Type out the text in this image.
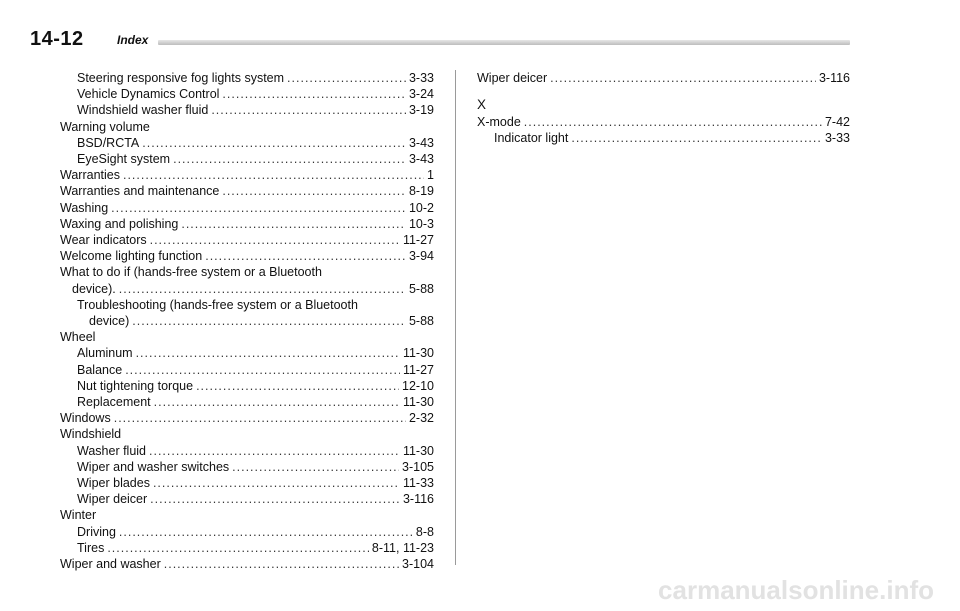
14-12	Index
Steering responsive fog lights system .....	3-33
Vehicle Dynamics Control .....	3-24
Windshield washer fluid .....	3-19
Warning volume
BSD/RCTA .....	3-43
EyeSight system .....	3-43
Warranties .....	1
Warranties and maintenance .....	8-19
Washing .....	10-2
Waxing and polishing .....	10-3
Wear indicators .....	11-27
Welcome lighting function .....	3-94
What to do if (hands-free system or a Bluetooth
device). .....	5-88
Troubleshooting (hands-free system or a Bluetooth
device) .....	5-88
Wheel
Aluminum .....	11-30
Balance .....	11-27
Nut tightening torque .....	12-10
Replacement .....	11-30
Windows .....	2-32
Windshield
Washer fluid .....	11-30
Wiper and washer switches .....	3-105
Wiper blades .....	11-33
Wiper deicer .....	3-116
Winter
Driving .....	8-8
Tires .....	8-11, 11-23
Wiper and washer .....	3-104
Wiper deicer .....	3-116
X
X-mode .....	7-42
Indicator light .....	3-33
carmanualsonline.info
